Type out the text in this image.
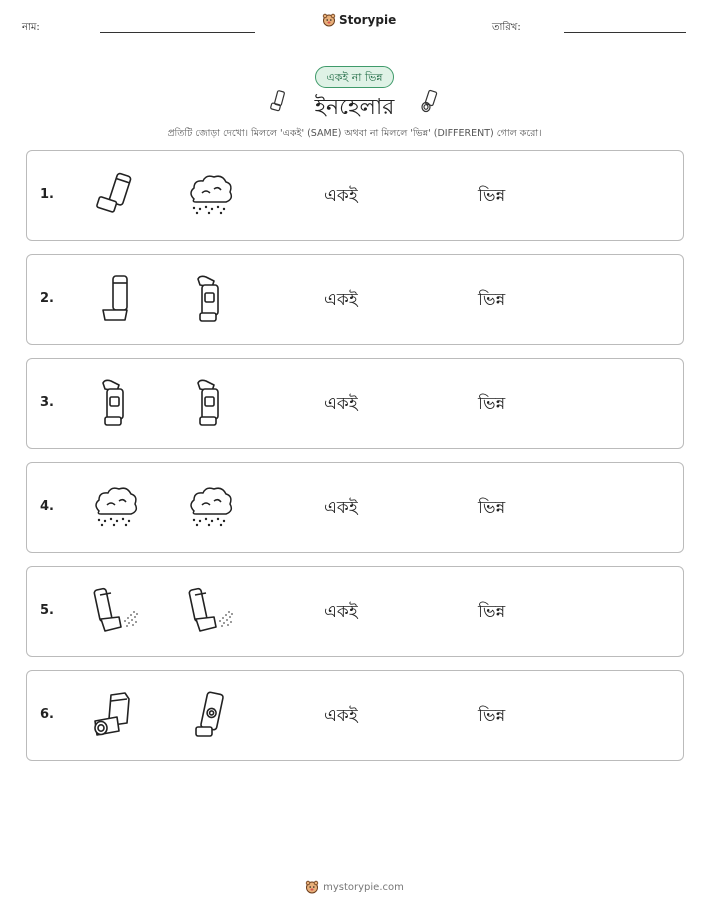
নাম:
Storypie
তারিখ:
একই না ভিন্ন
ইনহেলার
প্রতিটি জোড়া দেখো। মিললে 'একই' (SAME) অথবা না মিললে 'ভিন্ন' (DIFFERENT) গোল করো।
1.	একই	ভিন্ন
2.	একই	ভিন্ন
3.	একই	ভিন্ন
4.	একই	ভিন্ন
5.	একই	ভিন্ন
6.	একই	ভিন্ন
mystorypie.com
